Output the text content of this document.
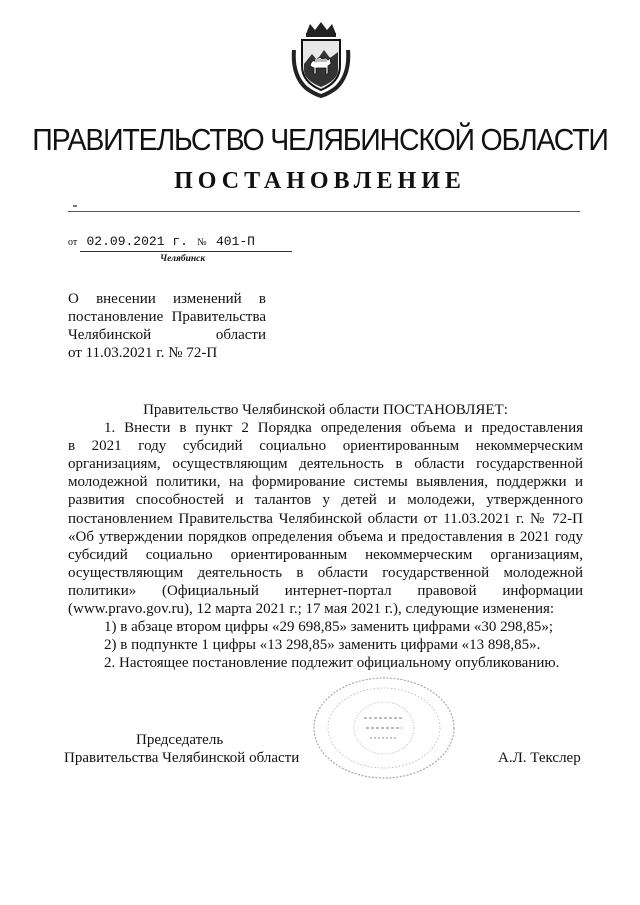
ПРАВИТЕЛЬСТВО ЧЕЛЯБИНСКОЙ ОБЛАСТИ
ПОСТАНОВЛЕНИЕ
от 02.09.2021 г. № 401-П
Челябинск
О внесении изменений в
постановление Правительства
Челябинской области
от 11.03.2021 г. № 72-П
Правительство Челябинской области ПОСТАНОВЛЯЕТ:
1. Внести в пункт 2 Порядка определения объема и предоставления
в 2021 году субсидий социально ориентированным некоммерческим
организациям, осуществляющим деятельность в области государственной
молодежной политики, на формирование системы выявления, поддержки и
развития способностей и талантов у детей и молодежи, утвержденного
постановлением Правительства Челябинской области от 11.03.2021 г. № 72-П
«Об утверждении порядков определения объема и предоставления в 2021 году
субсидий социально ориентированным некоммерческим организациям,
осуществляющим деятельность в области государственной молодежной
политики» (Официальный интернет-портал правовой информации
(www.pravo.gov.ru), 12 марта 2021 г.; 17 мая 2021 г.), следующие изменения:
1) в абзаце втором цифры «29 698,85» заменить цифрами «30 298,85»;
2) в подпункте 1 цифры «13 298,85» заменить цифрами «13 898,85».
2. Настоящее постановление подлежит официальному опубликованию.
Председатель
Правительства Челябинской области	А.Л. Текслер
